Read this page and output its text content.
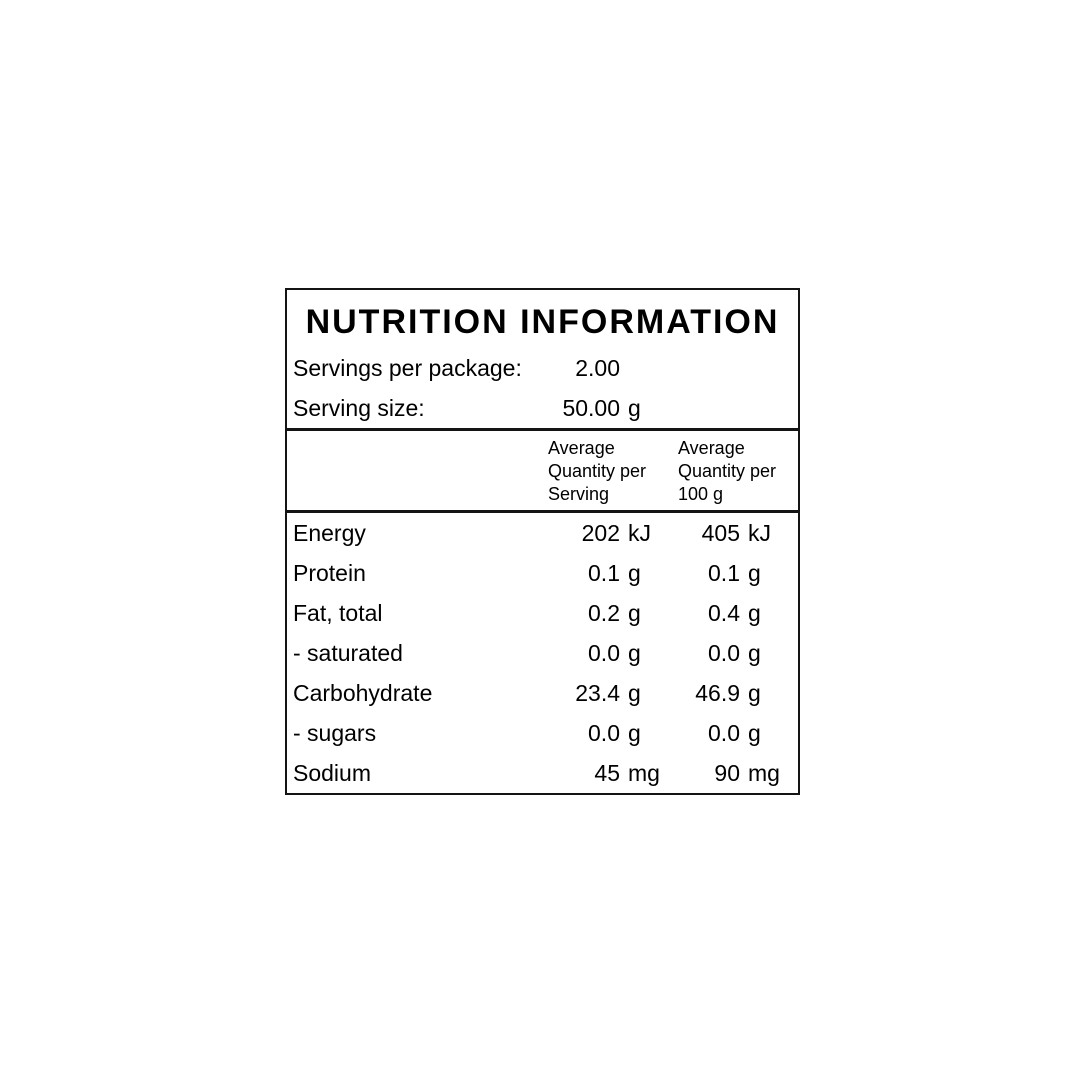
NUTRITION INFORMATION
Servings per package:	2.00
Serving size:	50.00 g
Average Quantity per Serving
Average Quantity per 100 g
Energy	202 kJ	405 kJ
Protein	0.1 g	0.1 g
Fat, total	0.2 g	0.4 g
- saturated	0.0 g	0.0 g
Carbohydrate	23.4 g	46.9 g
- sugars	0.0 g	0.0 g
Sodium	45 mg	90 mg
